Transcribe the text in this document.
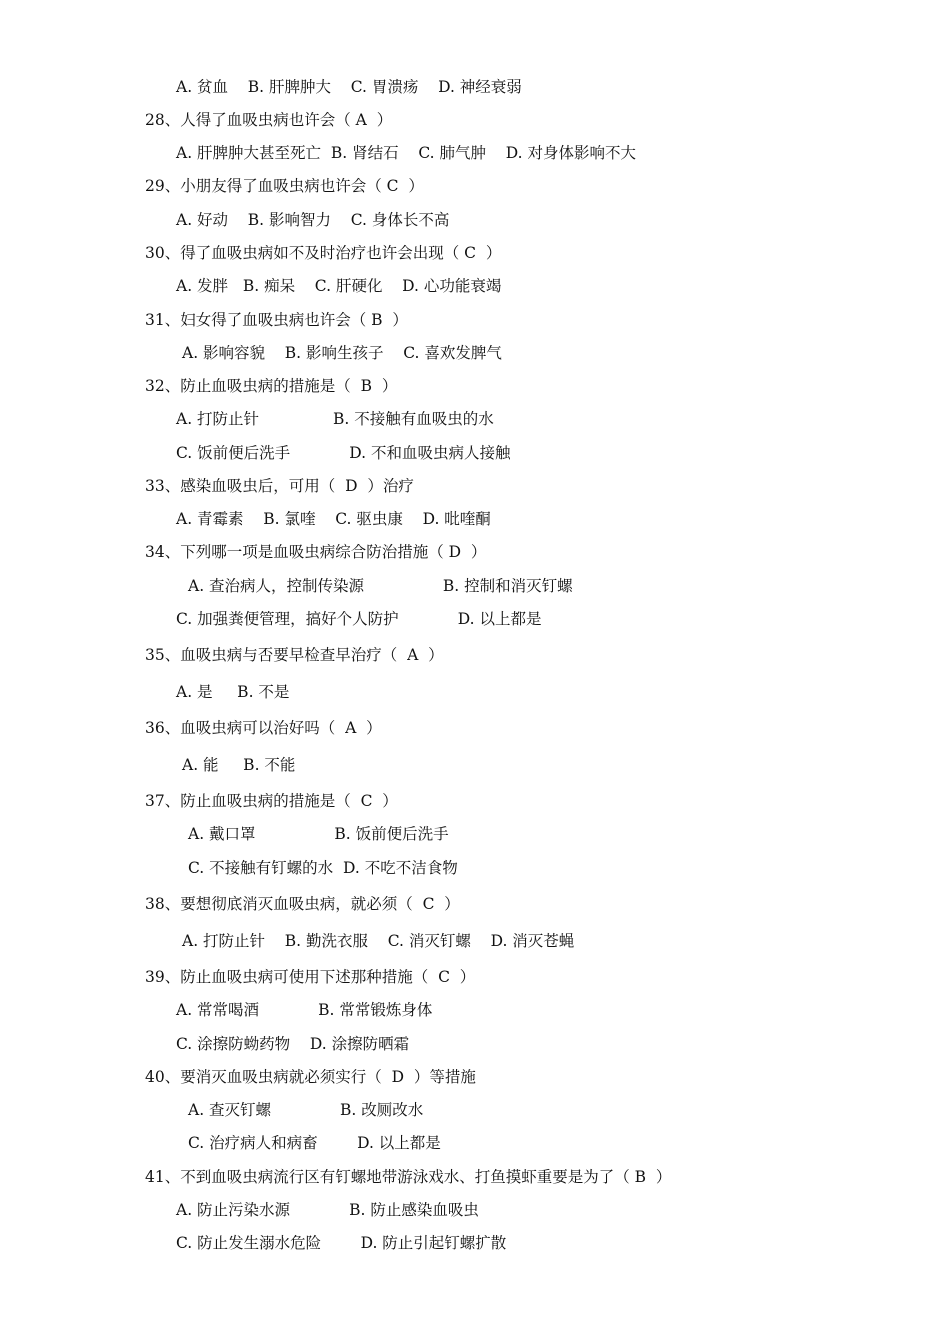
A. 贫血    B. 肝脾肿大    C. 胃溃疡    D. 神经衰弱
28、人得了血吸虫病也许会（ A  ）
A. 肝脾肿大甚至死亡  B. 肾结石    C. 肺气肿    D. 对身体影响不大
29、小朋友得了血吸虫病也许会（ C  ）
A. 好动    B. 影响智力    C. 身体长不高
30、得了血吸虫病如不及时治疗也许会出现（ C  ）
A. 发胖   B. 痴呆    C. 肝硬化    D. 心功能衰竭
31、妇女得了血吸虫病也许会（ B  ）
A. 影响容貌    B. 影响生孩子    C. 喜欢发脾气
32、防止血吸虫病的措施是（  B  ）
A. 打防止针               B. 不接触有血吸虫的水
C. 饭前便后洗手            D. 不和血吸虫病人接触
33、感染血吸虫后，可用（  D  ）治疗
A. 青霉素    B. 氯喹    C. 驱虫康    D. 吡喹酮
34、下列哪一项是血吸虫病综合防治措施（ D  ）
A. 查治病人，控制传染源                B. 控制和消灭钉螺
C. 加强粪便管理，搞好个人防护            D. 以上都是
35、血吸虫病与否要早检查早治疗（  A  ）
A. 是     B. 不是
36、血吸虫病可以治好吗（  A  ）
A. 能     B. 不能
37、防止血吸虫病的措施是（  C  ）
A. 戴口罩                B. 饭前便后洗手
C. 不接触有钉螺的水  D. 不吃不洁食物
38、要想彻底消灭血吸虫病，就必须（  C  ）
A. 打防止针    B. 勤洗衣服    C. 消灭钉螺    D. 消灭苍蝇
39、防止血吸虫病可使用下述那种措施（  C  ）
A. 常常喝酒            B. 常常锻炼身体
C. 涂擦防蚴药物    D. 涂擦防晒霜
40、要消灭血吸虫病就必须实行（  D  ）等措施
A. 查灭钉螺              B. 改厕改水
C. 治疗病人和病畜        D. 以上都是
41、不到血吸虫病流行区有钉螺地带游泳戏水、打鱼摸虾重要是为了（ B  ）
A. 防止污染水源            B. 防止感染血吸虫
C. 防止发生溺水危险        D. 防止引起钉螺扩散
